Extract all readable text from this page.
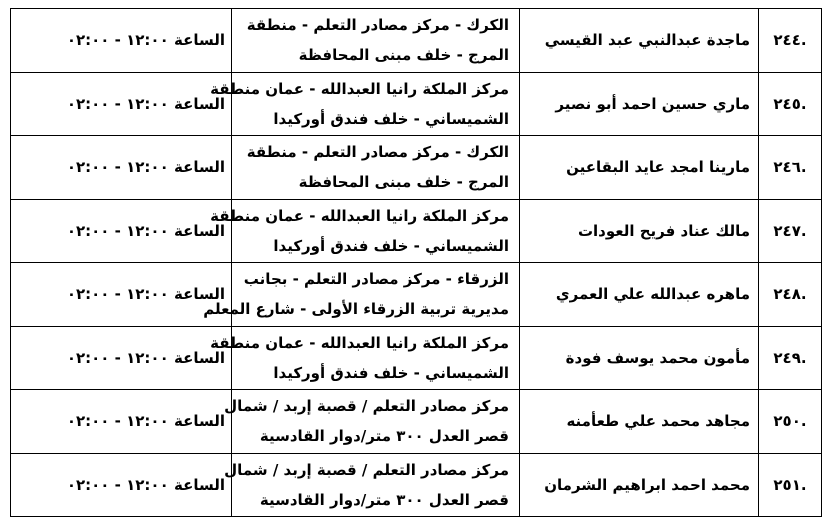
.٢٤٤	ماجدة عبدالنبي عبد القيسي	الكرك - مركز مصادر التعلم - منطقة
المرج - خلف مبنى المحافظة	الساعة ١٢:٠٠ - ٠٢:٠٠
.٢٤٥	ماري حسين احمد أبو نصير	مركز الملكة رانيا العبدالله - عمان منطقة
الشميساني - خلف فندق أوركيدا	الساعة ١٢:٠٠ - ٠٢:٠٠
.٢٤٦	مارينا امجد عايد البقاعين	الكرك - مركز مصادر التعلم - منطقة
المرج - خلف مبنى المحافظة	الساعة ١٢:٠٠ - ٠٢:٠٠
.٢٤٧	مالك عناد فريح العودات	مركز الملكة رانيا العبدالله - عمان منطقة
الشميساني - خلف فندق أوركيدا	الساعة ١٢:٠٠ - ٠٢:٠٠
.٢٤٨	ماهره عبدالله علي العمري	الزرقاء - مركز مصادر التعلم - بجانب
مديرية تربية الزرقاء الأولى - شارع المعلم	الساعة ١٢:٠٠ - ٠٢:٠٠
.٢٤٩	مأمون محمد يوسف فودة	مركز الملكة رانيا العبدالله - عمان منطقة
الشميساني - خلف فندق أوركيدا	الساعة ١٢:٠٠ - ٠٢:٠٠
.٢٥٠	مجاهد محمد علي طعأمنه	مركز مصادر التعلم / قصبة إربد / شمال
قصر العدل ٣٠٠ متر/دوار القادسية	الساعة ١٢:٠٠ - ٠٢:٠٠
.٢٥١	محمد احمد ابراهيم الشرمان	مركز مصادر التعلم / قصبة إربد / شمال
قصر العدل ٣٠٠ متر/دوار القادسية	الساعة ١٢:٠٠ - ٠٢:٠٠
